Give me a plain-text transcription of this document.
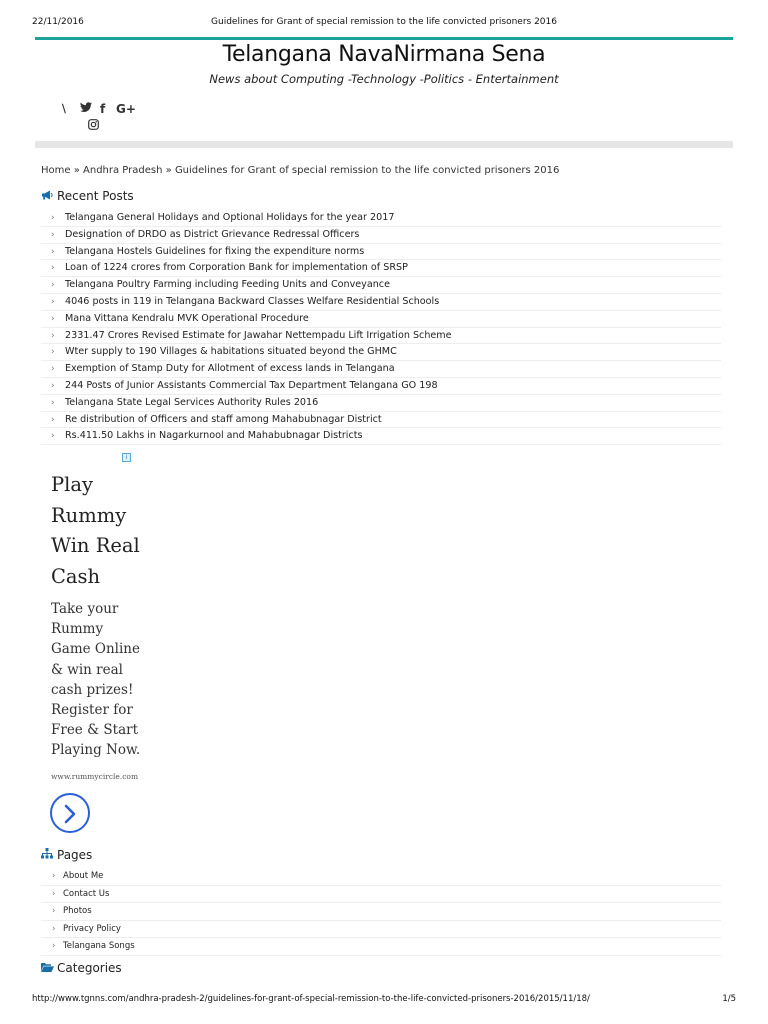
22/11/2016	Guidelines for Grant of special remission to the life convicted prisoners 2016
Telangana NavaNirmana Sena
News about Computing -Technology -Politics - Entertainment
⧵	f G+
Home » Andhra Pradesh » Guidelines for Grant of special remission to the life convicted prisoners 2016
Recent Posts
› Telangana General Holidays and Optional Holidays for the year 2017
› Designation of DRDO as District Grievance Redressal Officers
› Telangana Hostels Guidelines for fixing the expenditure norms
› Loan of 1224 crores from Corporation Bank for implementation of SRSP
› Telangana Poultry Farming including Feeding Units and Conveyance
› 4046 posts in 119 in Telangana Backward Classes Welfare Residential Schools
› Mana Vittana Kendralu MVK Operational Procedure
› 2331.47 Crores Revised Estimate for Jawahar Nettempadu Lift Irrigation Scheme
› Wter supply to 190 Villages & habitations situated beyond the GHMC
› Exemption of Stamp Duty for Allotment of excess lands in Telangana
› 244 Posts of Junior Assistants Commercial Tax Department Telangana GO 198
› Telangana State Legal Services Authority Rules 2016
› Re distribution of Officers and staff among Mahabubnagar District
› Rs.411.50 Lakhs in Nagarkurnool and Mahabubnagar Districts
i
Play Rummy Win Real Cash
Take your Rummy Game Online & win real cash prizes! Register for Free & Start Playing Now.
www.rummycircle.com
Pages
› About Me
› Contact Us
› Photos
› Privacy Policy
› Telangana Songs
Categories
http://www.tgnns.com/andhra-pradesh-2/guidelines-for-grant-of-special-remission-to-the-life-convicted-prisoners-2016/2015/11/18/	1/5
